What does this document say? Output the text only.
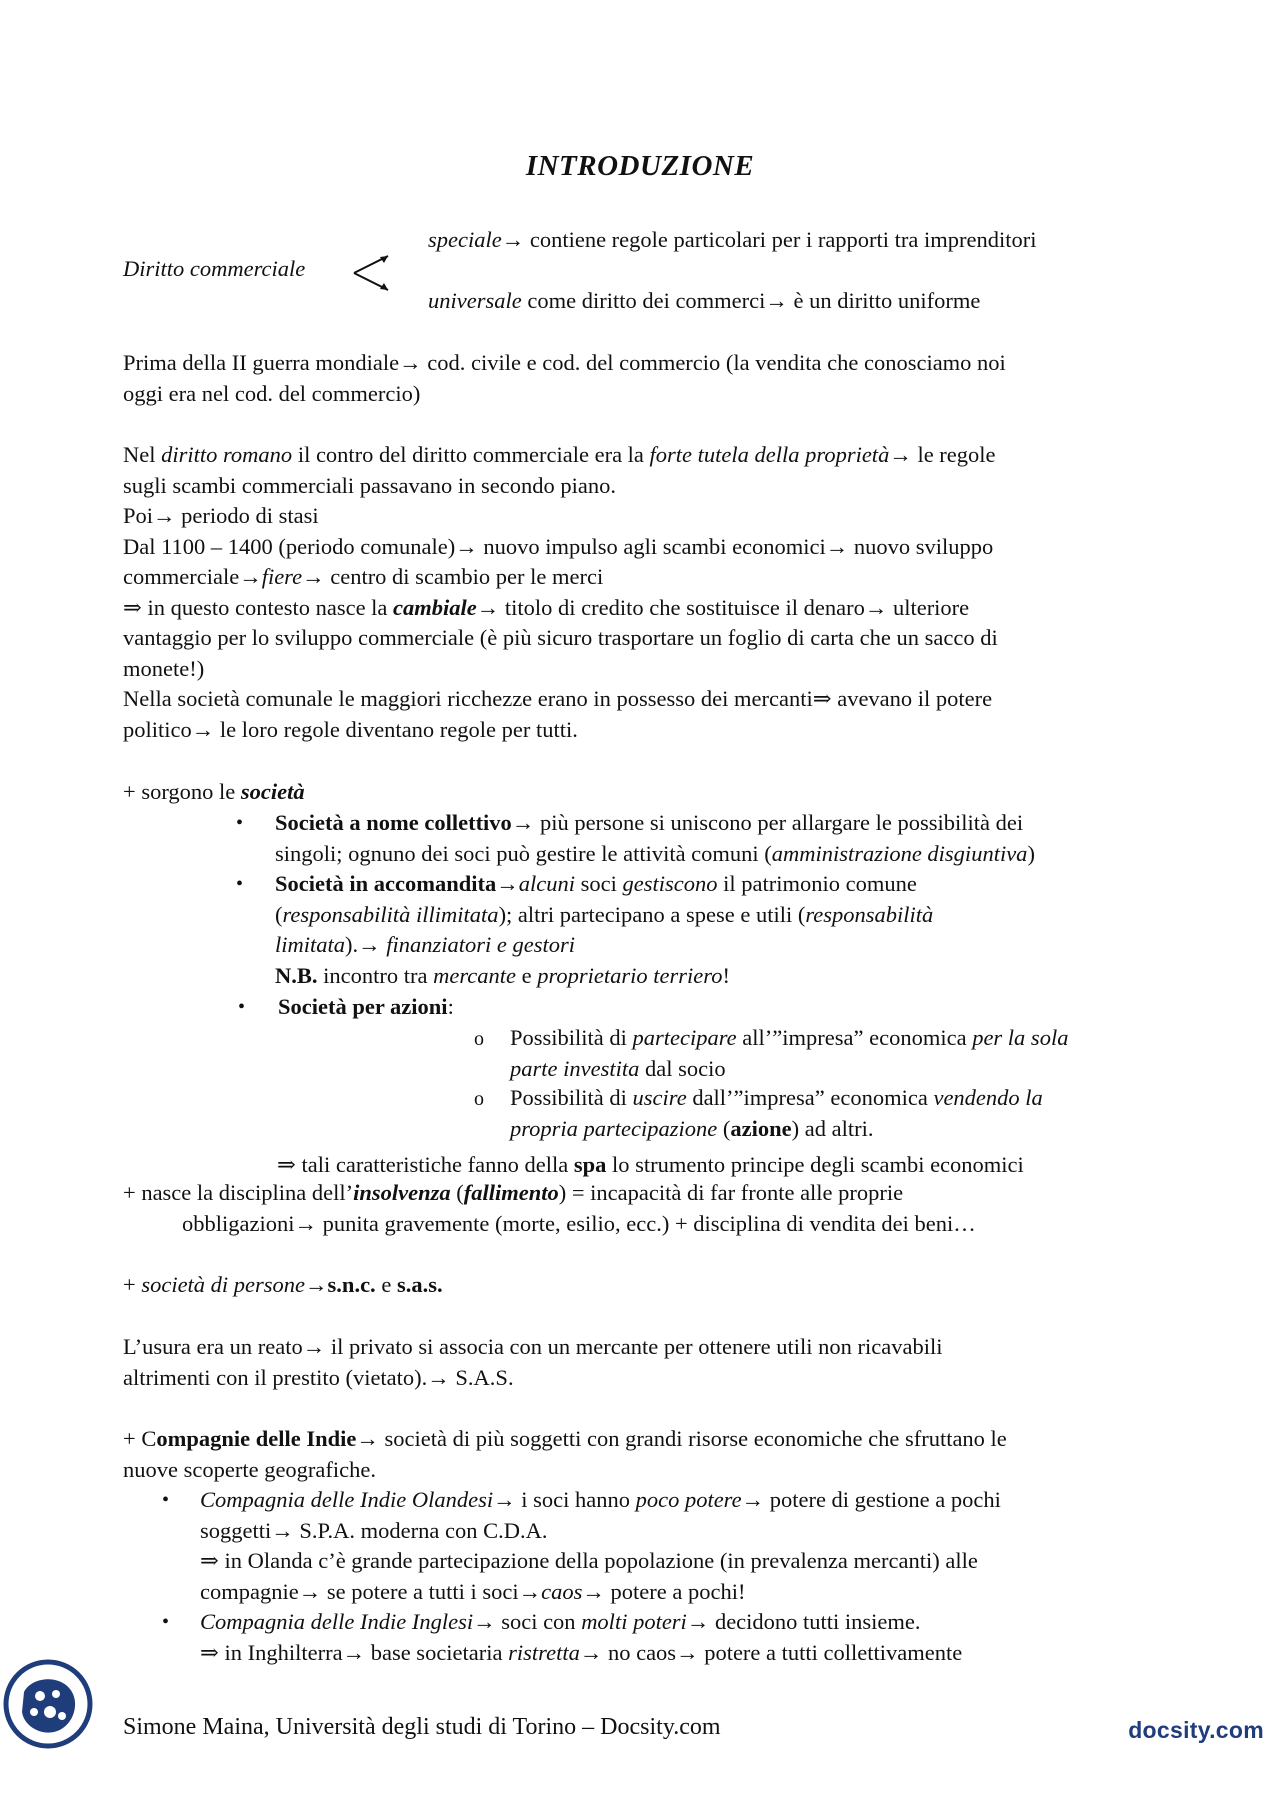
INTRODUZIONE
Diritto commerciale
speciale→ contiene regole particolari per i rapporti tra imprenditori
universale come diritto dei commerci→ è un diritto uniforme
Prima della II guerra mondiale→ cod. civile e cod. del commercio (la vendita che conosciamo noi
oggi era nel cod. del commercio)
Nel diritto romano il contro del diritto commerciale era la forte tutela della proprietà→ le regole
sugli scambi commerciali passavano in secondo piano.
Poi→ periodo di stasi
Dal 1100 – 1400 (periodo comunale)→ nuovo impulso agli scambi economici→ nuovo sviluppo
commerciale→fiere→ centro di scambio per le merci
⇒ in questo contesto nasce la cambiale→ titolo di credito che sostituisce il denaro→ ulteriore
vantaggio per lo sviluppo commerciale (è più sicuro trasportare un foglio di carta che un sacco di
monete!)
Nella società comunale le maggiori ricchezze erano in possesso dei mercanti⇒ avevano il potere
politico→ le loro regole diventano regole per tutti.
+ sorgono le società
• Società a nome collettivo→ più persone si uniscono per allargare le possibilità dei
singoli; ognuno dei soci può gestire le attività comuni (amministrazione disgiuntiva)
• Società in accomandita→alcuni soci gestiscono il patrimonio comune
(responsabilità illimitata); altri partecipano a spese e utili (responsabilità
limitata).→ finanziatori e gestori
N.B. incontro tra mercante e proprietario terriero!
• Società per azioni:
o Possibilità di partecipare all’”impresa” economica per la sola
parte investita dal socio
o Possibilità di uscire dall’”impresa” economica vendendo la
propria partecipazione (azione) ad altri.
⇒ tali caratteristiche fanno della spa lo strumento principe degli scambi economici
+ nasce la disciplina dell’insolvenza (fallimento) = incapacità di far fronte alle proprie
obbligazioni→ punita gravemente (morte, esilio, ecc.) + disciplina di vendita dei beni…
+ società di persone→s.n.c. e s.a.s.
L’usura era un reato→ il privato si associa con un mercante per ottenere utili non ricavabili
altrimenti con il prestito (vietato).→ S.A.S.
+ Compagnie delle Indie→ società di più soggetti con grandi risorse economiche che sfruttano le
nuove scoperte geografiche.
• Compagnia delle Indie Olandesi→ i soci hanno poco potere→ potere di gestione a pochi
soggetti→ S.P.A. moderna con C.D.A.
⇒ in Olanda c’è grande partecipazione della popolazione (in prevalenza mercanti) alle
compagnie→ se potere a tutti i soci→caos→ potere a pochi!
• Compagnia delle Indie Inglesi→ soci con molti poteri→ decidono tutti insieme.
⇒ in Inghilterra→ base societaria ristretta→ no caos→ potere a tutti collettivamente
Simone Maina, Università degli studi di Torino – Docsity.com	docsity.com
